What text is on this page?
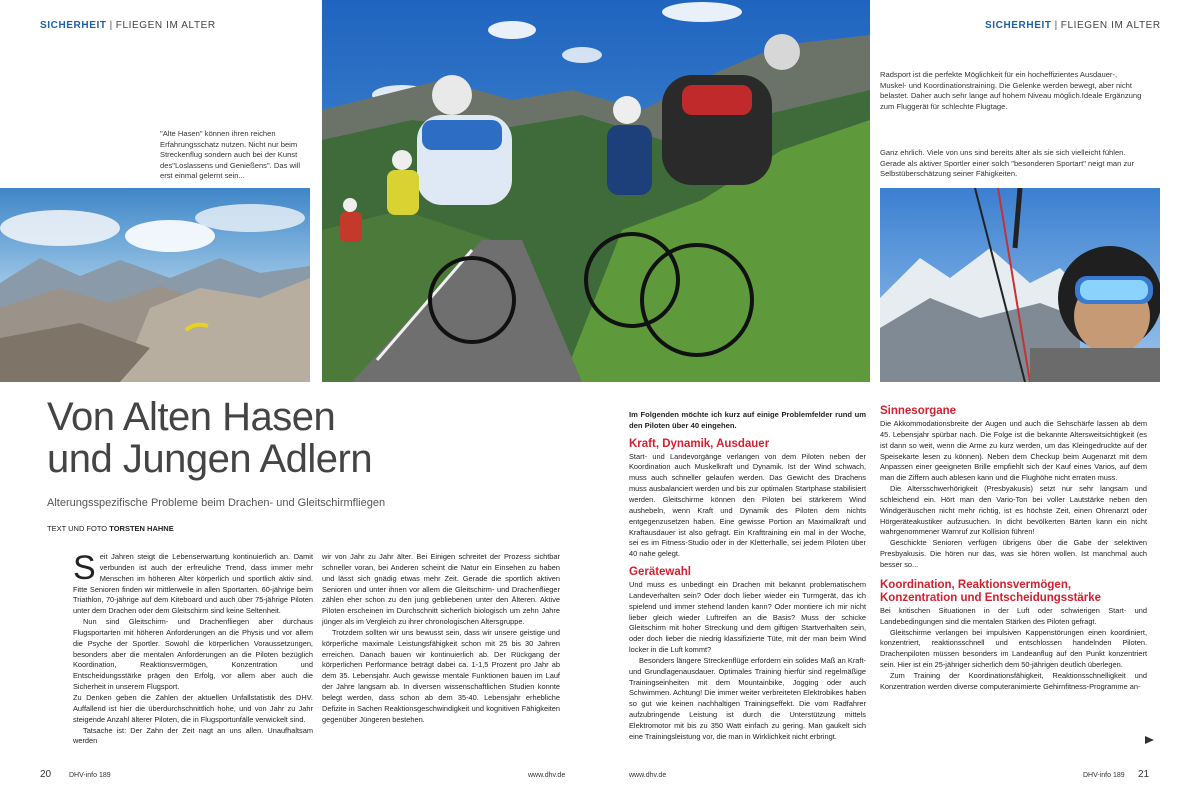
SICHERHEIT | FLIEGEN IM ALTER
"Alte Hasen" können ihren reichen Erfahrungsschatz nutzen. Nicht nur beim Streckenflug sondern auch bei der Kunst des"Loslassens und Genießens". Das will erst einmal gelernt sein...
Von Alten Hasen
und Jungen Adlern
Alterungsspezifische Probleme beim Drachen- und Gleitschirmfliegen
TEXT UND FOTO TORSTEN HAHNE

Seit Jahren steigt die Lebenserwartung kontinuierlich an. Damit verbunden ist auch der erfreuliche Trend, dass immer mehr Menschen im höheren Alter körperlich und sportlich aktiv sind. Fitte Senioren finden wir mittlerweile in allen Sportarten. 60-jährige beim Triathlon, 70-jährige auf dem Kiteboard und auch über 75-jährige Piloten unter dem Drachen oder dem Gleitschirm sind keine Seltenheit.

Nun sind Gleitschirm- und Drachenfliegen aber durchaus Flugsportarten mit höheren Anforderungen an die Physis und vor allem die Psyche der Sportler. Sowohl die körperlichen Voraussetzungen, besonders aber die mentalen Anforderungen an die Piloten bezüglich Koordination, Reaktionsvermögen, Konzentration und Entscheidungsstärke prägen den Erfolg, vor allem aber auch die Sicherheit in unserem Flugsport.

Zu Denken geben die Zahlen der aktuellen Unfallstatistik des DHV. Auffallend ist hier die überdurchschnittlich hohe, und von Jahr zu Jahr steigende Anzahl älterer Piloten, die in Flugsportunfälle verwickelt sind.

Tatsache ist: Der Zahn der Zeit nagt an uns allen. Unaufhaltsam werden

wir von Jahr zu Jahr älter. Bei Einigen schreitet der Prozess sichtbar schneller voran, bei Anderen scheint die Natur ein Einsehen zu haben und lässt sich gnädig etwas mehr Zeit. Gerade die sportlich aktiven Senioren und unter ihnen vor allem die Gleitschirm- und Drachenflieger zählen eher schon zu den jung gebliebenen unter den Älteren. Aktive Piloten erscheinen im Durchschnitt sicherlich biologisch um zehn Jahre jünger als im Vergleich zu ihrer chronologischen Altersgruppe.

Trotzdem sollten wir uns bewusst sein, dass wir unsere geistige und körperliche maximale Leistungsfähigkeit schon mit 25 bis 30 Jahren erreichen. Danach bauen wir kontinuierlich ab. Der Rückgang der körperlichen Performance beträgt dabei ca. 1-1,5 Prozent pro Jahr ab dem 35. Lebensjahr. Auch gewisse mentale Funktionen bauen im Lauf der Jahre langsam ab. In diversen wissenschaftlichen Studien konnte belegt werden, dass schon ab dem 35-40. Lebensjahr erhebliche Defizite in Sachen Reaktionsgeschwindigkeit und kognitiven Fähigkeiten gegenüber Jüngeren bestehen.

20	DHV-info 189	www.dhv.de
SICHERHEIT | FLIEGEN IM ALTER
Radsport ist die perfekte Möglichkeit für ein hocheffizientes Ausdauer-, Muskel- und Koordinationstraining. Die Gelenke werden bewegt, aber nicht belastet. Daher auch sehr lange auf hohem Niveau möglich.Ideale Ergänzung zum Fluggerät für schlechte Flugtage.
Ganz ehrlich. Viele von uns sind bereits älter als sie sich vielleicht fühlen. Gerade als aktiver Sportler einer solch "besonderen Sportart" neigt man zur Selbstüberschätzung seiner Fähigkeiten.

Im Folgenden möchte ich kurz auf einige Problemfelder rund um den Piloten über 40 eingehen.

Kraft, Dynamik, Ausdauer

Start- und Landevorgänge verlangen von dem Piloten neben der Koordination auch Muskelkraft und Dynamik. Ist der Wind schwach, muss auch schneller gelaufen werden. Das Gewicht des Drachens muss ausbalanciert werden und bis zur optimalen Startphase stabilisiert werden. Gleitschirme können den Piloten bei stärkerem Wind aushebeln, wenn Kraft und Dynamik des Piloten dem nichts entgegenzusetzen haben. Eine gewisse Portion an Maximalkraft und Kraftausdauer ist also gefragt. Ein Krafttraining ein mal in der Woche, sei es im Fitness-Studio oder in der Kletterhalle, sei jedem Piloten über 40 nahe gelegt.

Gerätewahl

Und muss es unbedingt ein Drachen mit bekannt problematischem Landeverhalten sein? Oder doch lieber wieder ein Turmgerät, das ich spielend und immer stehend landen kann? Oder montiere ich mir nicht lieber gleich wieder Luftreifen an die Basis? Muss der schicke Gleitschirm mit hoher Streckung und dem giftigen Startverhalten sein, oder doch lieber die niedrig klassifizierte Tüte, mit der man beim Wind locker in die Luft kommt?

Besonders längere Streckenflüge erfordern ein solides Maß an Kraft- und Grundlagenausdauer. Optimales Training hierfür sind regelmäßige Trainingseinheiten mit dem Mountainbike, Jogging oder auch Schwimmen. Achtung! Die immer weiter verbreiteten Elektrobikes haben so gut wie keinen nachhaltigen Trainingseffekt. Die vom Radfahrer aufzubringende Leistung ist durch die Unterstützung mittels Elektromotor mit bis zu 350 Watt einfach zu gering. Man gaukelt sich eine Trainingsleistung vor, die man in Wirklichkeit nicht erbringt.

Sinnesorgane

Die Akkommodationsbreite der Augen und auch die Sehschärfe lassen ab dem 45. Lebensjahr spürbar nach. Die Folge ist die bekannte Altersweitsichtigkeit (es ist dann so weit, wenn die Arme zu kurz werden, um das Kleingedruckte auf der Speisekarte lesen zu können). Neben dem Checkup beim Augenarzt mit dem Anpassen einer geeigneten Brille empfiehlt sich der Kauf eines Varios, auf dem man die Ziffern auch ablesen kann und die Flughöhe nicht erraten muss.

Die Altersschwerhörigkeit (Presbyakusis) setzt nur sehr langsam und schleichend ein. Hört man den Vario-Ton bei voller Lautstärke neben den Windgeräuschen nicht mehr richtig, ist es höchste Zeit, einen Ohrenarzt oder Hörgeräteakustiker aufzusuchen. In dicht bevölkerten Bärten kann ein nicht wahrgenommener Warnruf zur Kollision führen!

Geschickte Senioren verfügen übrigens über die Gabe der selektiven Presbyakusis. Die hören nur das, was sie hören wollen. Ist manchmal auch besser so...

Koordination, Reaktionsvermögen,
Konzentration und Entscheidungsstärke

Bei kritischen Situationen in der Luft oder schwierigen Start- und Landebedingungen sind die mentalen Stärken des Piloten gefragt.

Gleitschirme verlangen bei impulsiven Kappenstörungen einen koordiniert, konzentriert, reaktionsschnell und entschlossen handelnden Piloten. Drachenpiloten müssen besonders im Landeanflug auf den Punkt konzentriert sein. Hier ist ein 25-jähriger sicherlich dem 50-jährigen deutlich überlegen.

Zum Training der Koordinationsfähigkeit, Reaktionsschnelligkeit und Konzentration werden diverse computeranimierte Gehirnfitness-Programme an-

www.dhv.de	DHV-info 189 21
